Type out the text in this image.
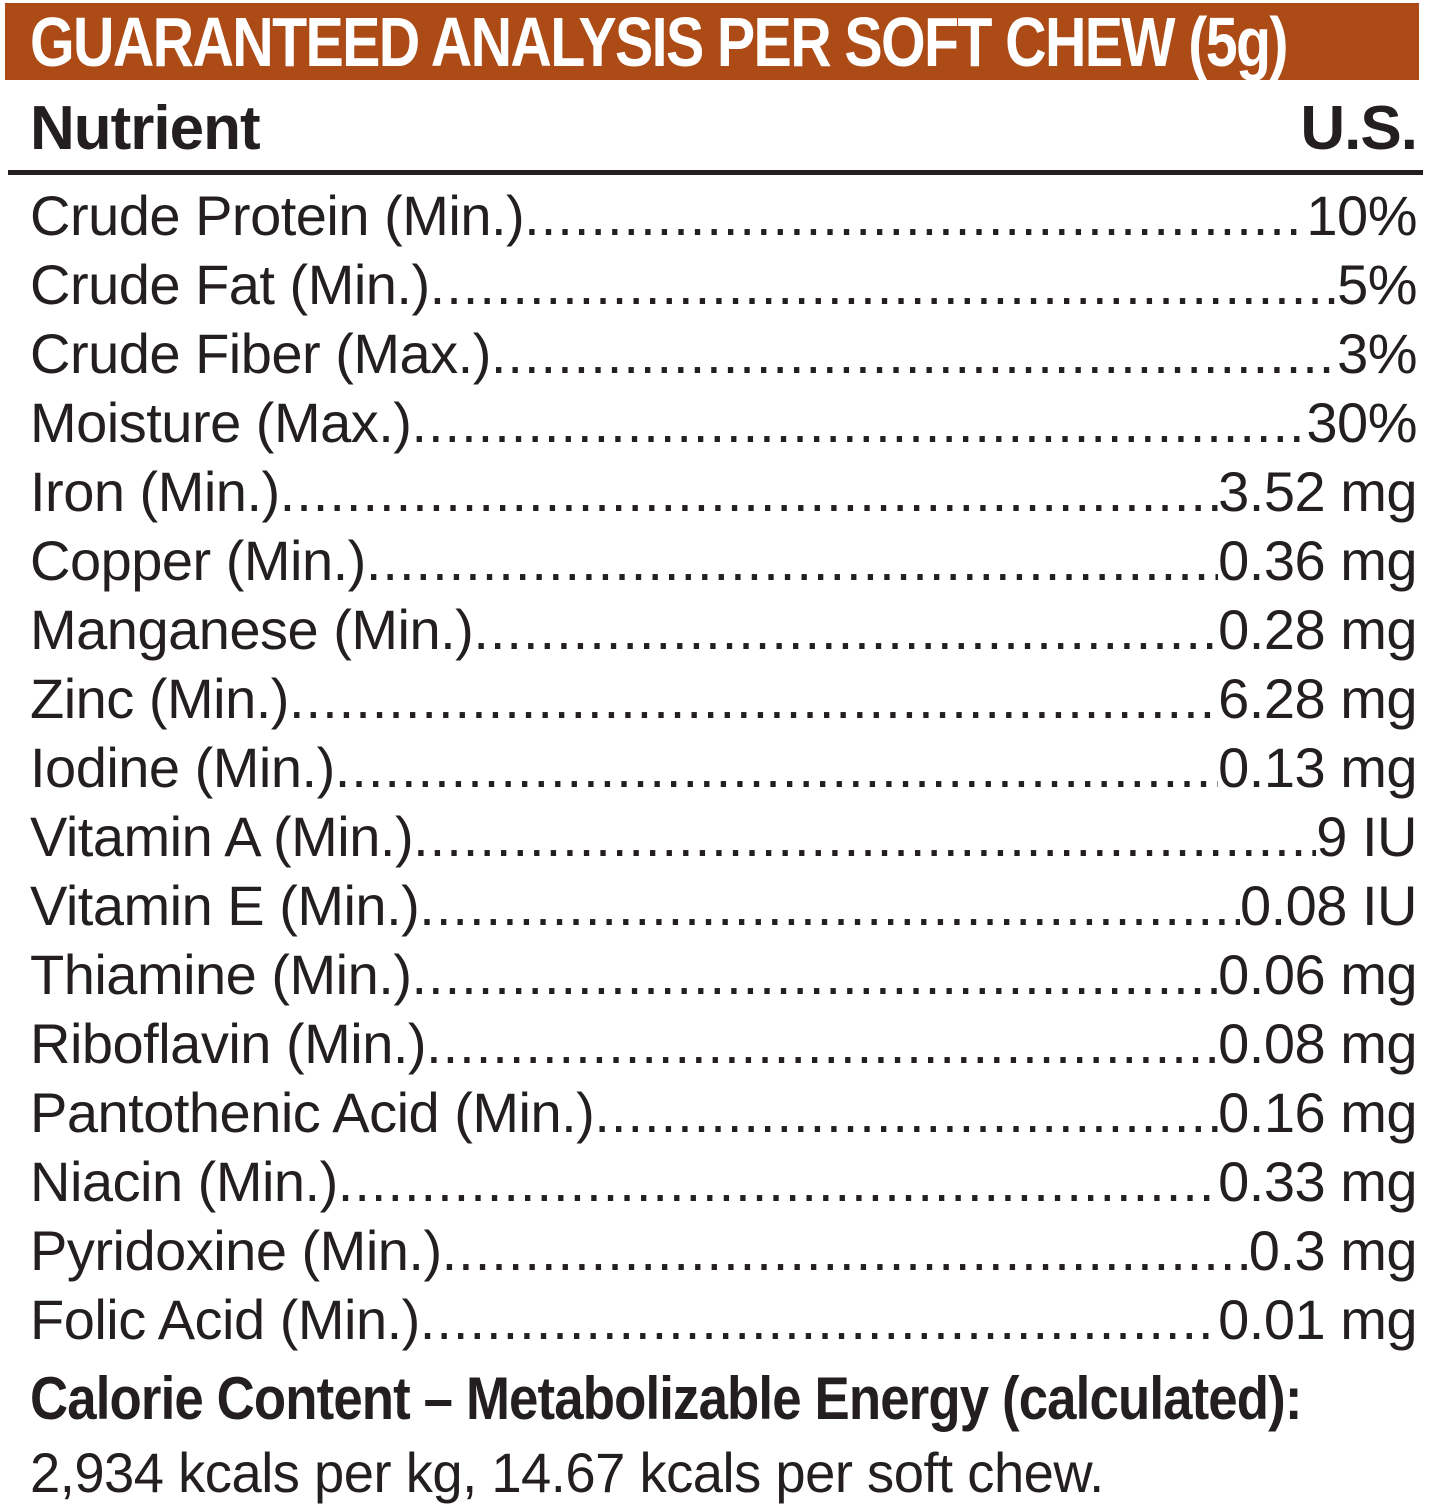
GUARANTEED ANALYSIS PER SOFT CHEW (5g)
Nutrient	U.S.
Crude Protein (Min.) .....	10%
Crude Fat (Min.) .....	5%
Crude Fiber (Max.) .....	3%
Moisture (Max.) .....	30%
Iron (Min.) .....	3.52 mg
Copper (Min.) .....	0.36 mg
Manganese (Min.) .....	0.28 mg
Zinc (Min.) .....	6.28 mg
Iodine (Min.) .....	0.13 mg
Vitamin A (Min.) .....	9 IU
Vitamin E (Min.) .....	0.08 IU
Thiamine (Min.) .....	0.06 mg
Riboflavin (Min.) .....	0.08 mg
Pantothenic Acid (Min.) .....	0.16 mg
Niacin (Min.) .....	0.33 mg
Pyridoxine (Min.) .....	0.3 mg
Folic Acid (Min.) .....	0.01 mg
Calorie Content – Metabolizable Energy (calculated):
2,934 kcals per kg, 14.67 kcals per soft chew.
